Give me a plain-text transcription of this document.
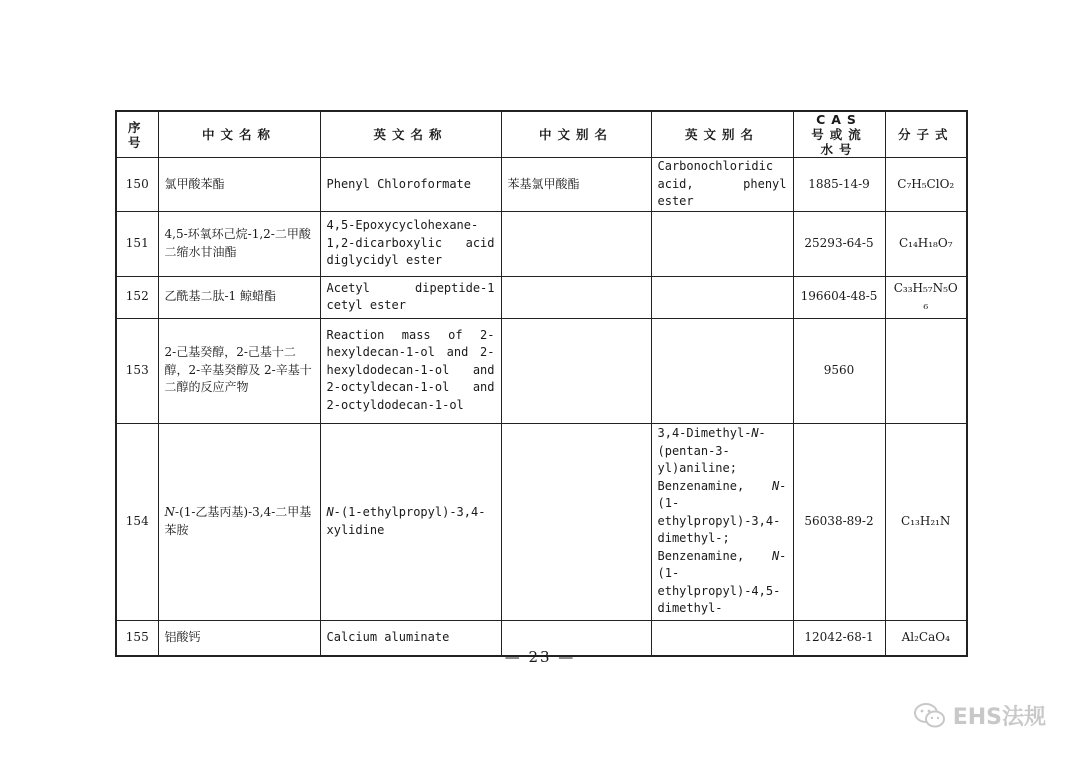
序号	中文名称	英文名称	中文别名	英文别名	CAS 号或流水号	分子式
150	氯甲酸苯酯	Phenyl Chloroformate	苯基氯甲酸酯	Carbonochloridic acid, phenyl ester	1885-14-9	C₇H₅ClO₂
151	4,5-环氧环己烷-1,2-二甲酸二缩水甘油酯	4,5-Epoxycyclohexane-1,2-dicarboxylic acid diglycidyl ester			25293-64-5	C₁₄H₁₈O₇
152	乙酰基二肽-1 鲸蜡酯	Acetyl dipeptide-1 cetyl ester			196604-48-5	C₃₃H₅₇N₅O₆
153	2-己基癸醇，2-己基十二醇，2-辛基癸醇及 2-辛基十二醇的反应产物	Reaction mass of 2-hexyldecan-1-ol and 2-hexyldodecan-1-ol and 2-octyldecan-1-ol and 2-octyldodecan-1-ol			9560	
154	N-(1-乙基丙基)-3,4-二甲基苯胺	N-(1-ethylpropyl)-3,4-xylidine		3,4-Dimethyl-N-(pentan-3-yl)aniline; Benzenamine, N-(1-ethylpropyl)-3,4-dimethyl-; Benzenamine, N-(1-ethylpropyl)-4,5-dimethyl-	56038-89-2	C₁₃H₂₁N
155	铝酸钙	Calcium aluminate			12042-68-1	Al₂CaO₄
— 23 —
EHS法规
